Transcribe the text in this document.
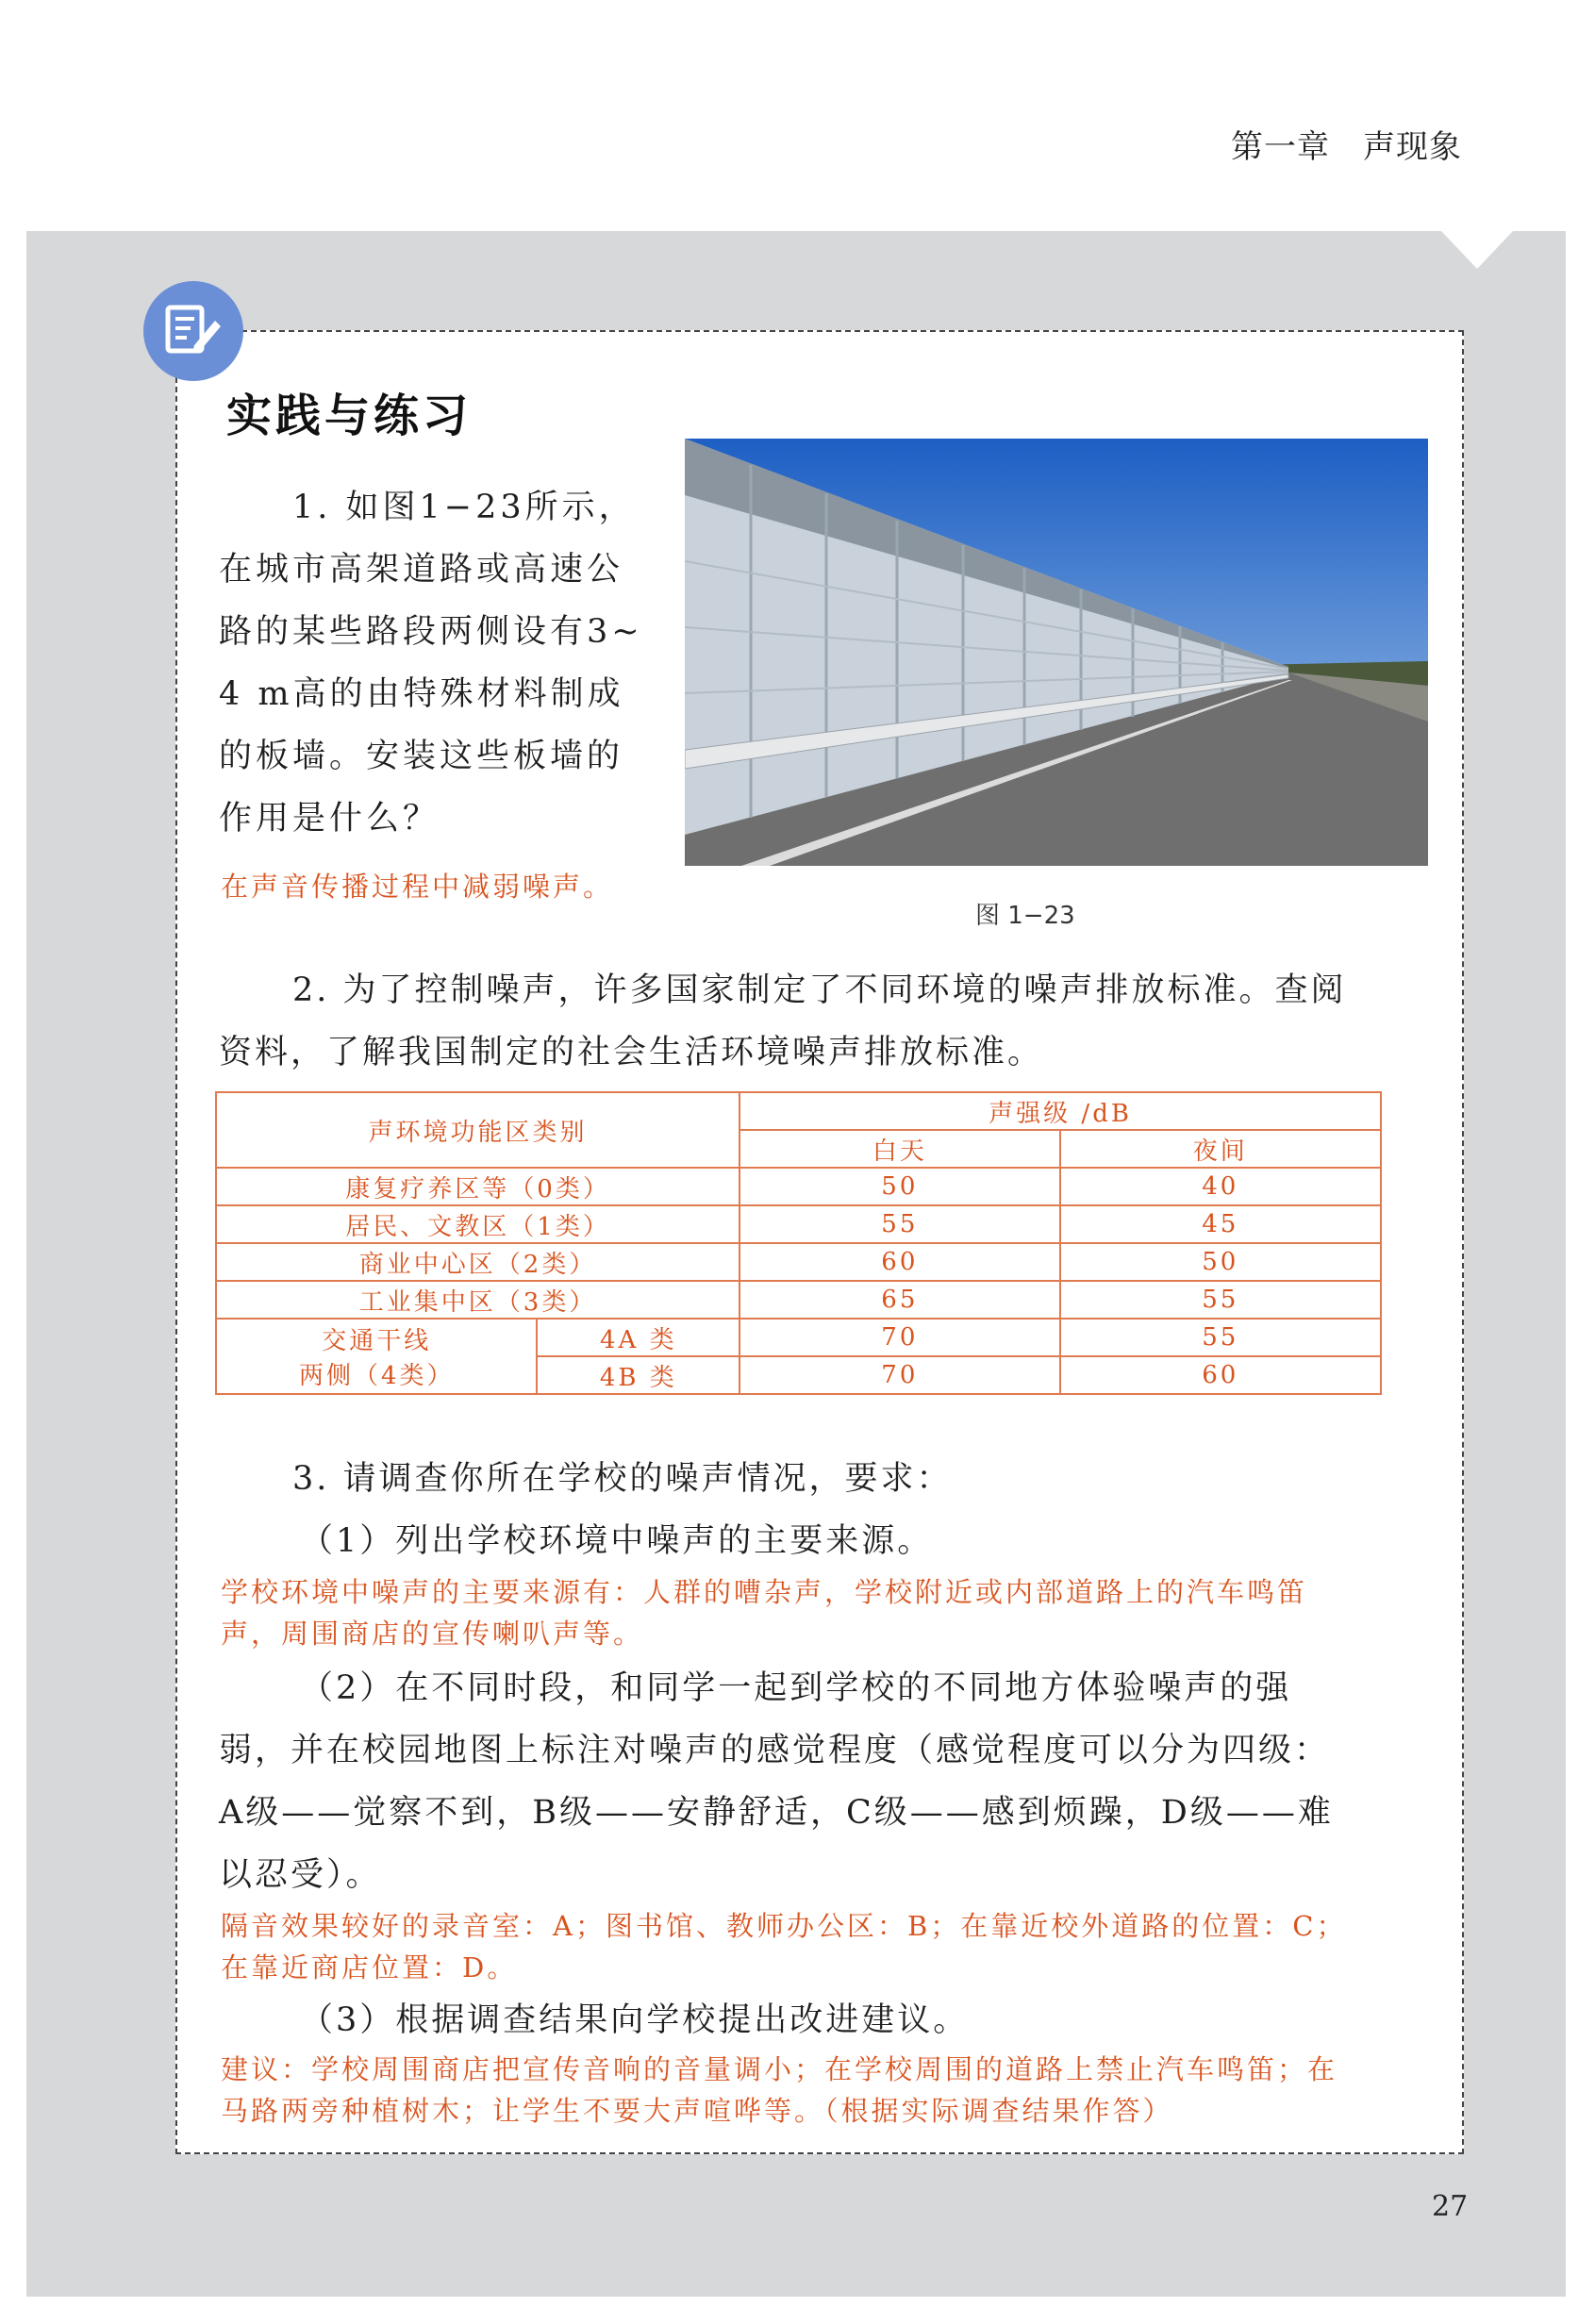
第一章　声现象
实践与练习
1. 如图1−23所示，
在城市高架道路或高速公
路的某些路段两侧设有3~
4 m高的由特殊材料制成
的板墙。安装这些板墙的
作用是什么？
在声音传播过程中减弱噪声。
图 1−23
2. 为了控制噪声，许多国家制定了不同环境的噪声排放标准。查阅
资料，了解我国制定的社会生活环境噪声排放标准。
声环境功能区类别		声强级 /dB	
		白天	夜间
康复疗养区等（0类）		50	40
居民、文教区（1类）		55	45
商业中心区（2类）		60	50
工业集中区（3类）		65	55

交通干线
两侧（4类）	4A 类	70	55
	4B 类	70	60
3. 请调查你所在学校的噪声情况，要求：
（1）列出学校环境中噪声的主要来源。
学校环境中噪声的主要来源有：人群的嘈杂声，学校附近或内部道路上的汽车鸣笛
声，周围商店的宣传喇叭声等。
（2）在不同时段，和同学一起到学校的不同地方体验噪声的强
弱，并在校园地图上标注对噪声的感觉程度（感觉程度可以分为四级：
A级——觉察不到，B级——安静舒适，C级——感到烦躁，D级——难
以忍受）。
隔音效果较好的录音室：A；图书馆、教师办公区：B；在靠近校外道路的位置：C；
在靠近商店位置：D。
（3）根据调查结果向学校提出改进建议。
建议：学校周围商店把宣传音响的音量调小；在学校周围的道路上禁止汽车鸣笛；在
马路两旁种植树木；让学生不要大声喧哗等。（根据实际调查结果作答）
27
